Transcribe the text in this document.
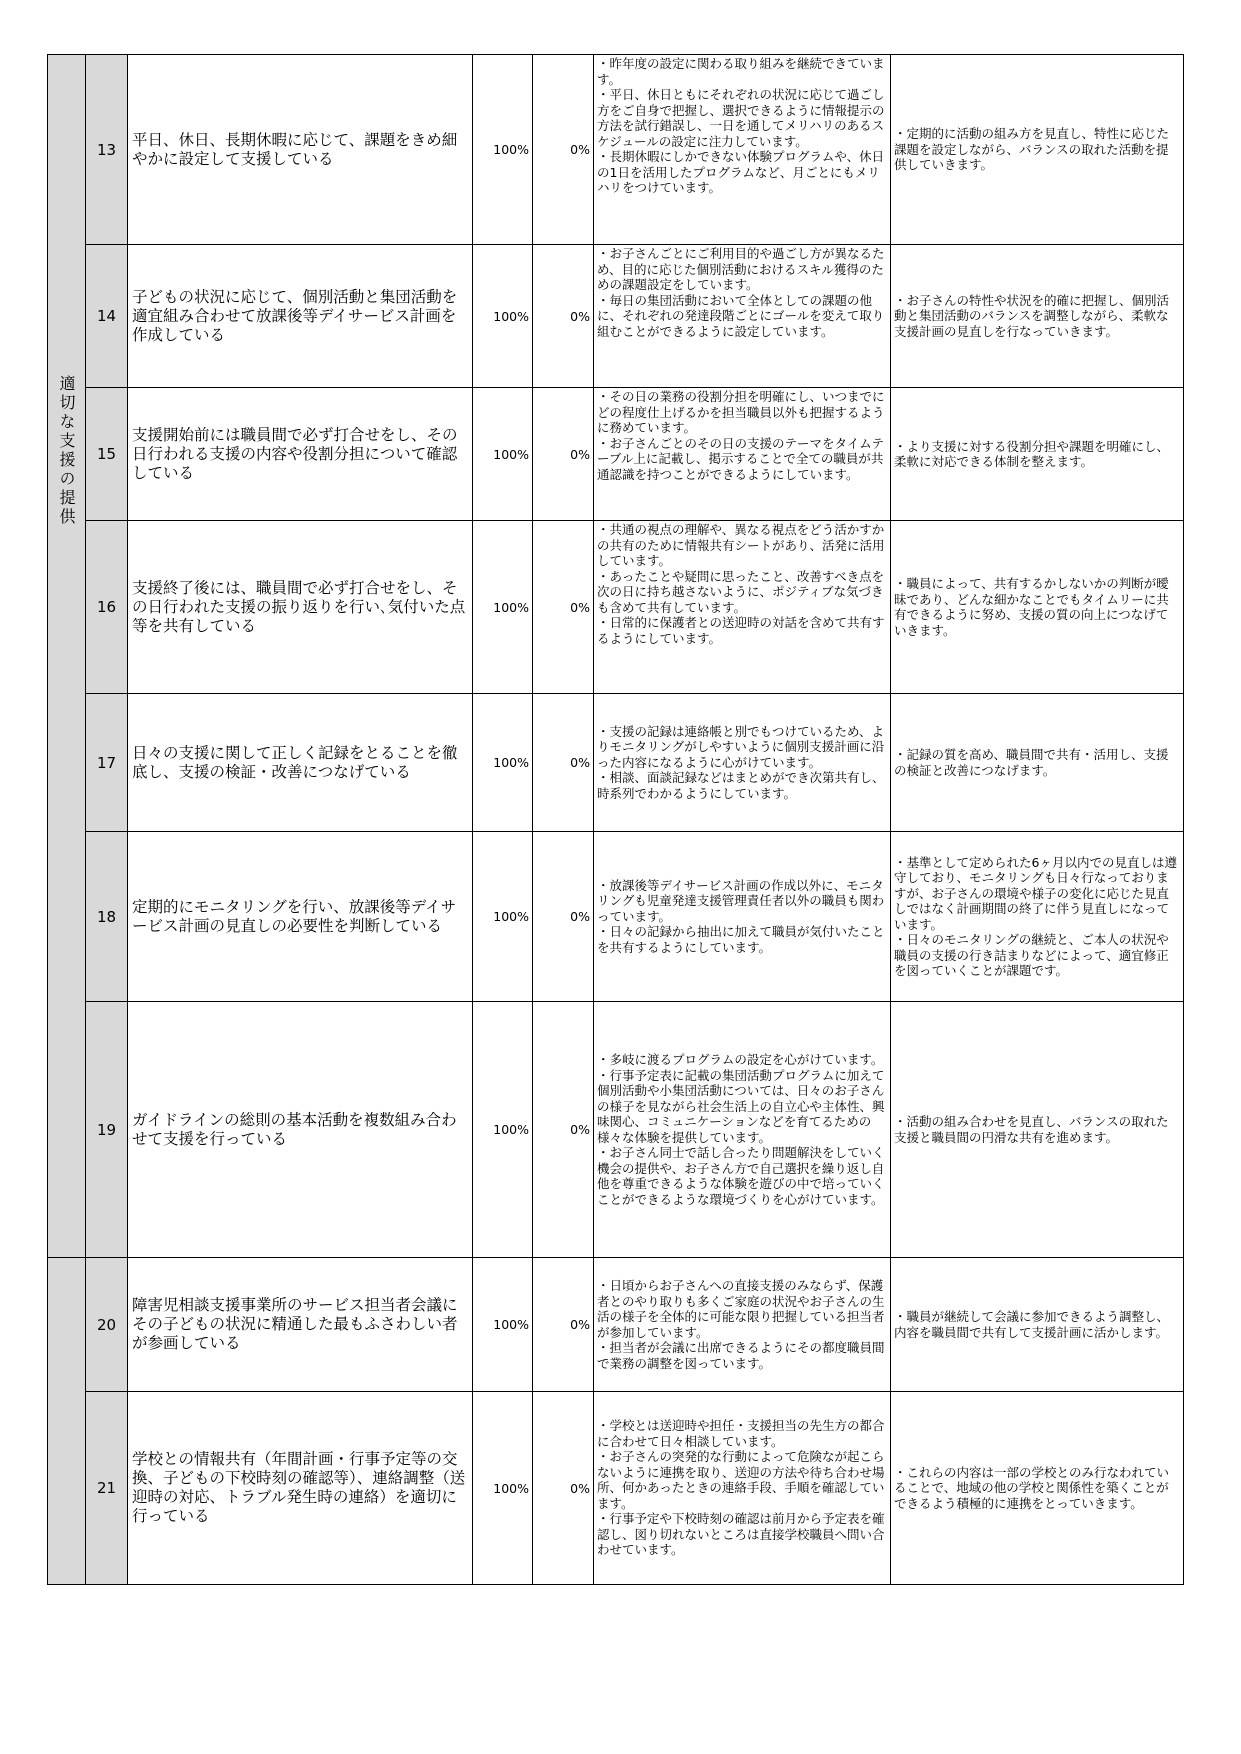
適切な支援の提供	13	平日、休日、長期休暇に応じて、課題をきめ細やかに設定して支援している	100%	0%	・昨年度の設定に関わる取り組みを継続できています。
・平日、休日ともにそれぞれの状況に応じて過ごし方をご自身で把握し、選択できるように情報提示の方法を試行錯誤し、一日を通してメリハリのあるスケジュールの設定に注力しています。
・長期休暇にしかできない体験プログラムや、休日の1日を活用したプログラムなど、月ごとにもメリハリをつけています。	・定期的に活動の組み方を見直し、特性に応じた課題を設定しながら、バランスの取れた活動を提供していきます。
	14	子どもの状況に応じて、個別活動と集団活動を適宜組み合わせて放課後等デイサービス計画を作成している	100%	0%	・お子さんごとにご利用目的や過ごし方が異なるため、目的に応じた個別活動におけるスキル獲得のための課題設定をしています。
・毎日の集団活動において全体としての課題の他に、それぞれの発達段階ごとにゴールを変えて取り組むことができるように設定しています。	・お子さんの特性や状況を的確に把握し、個別活動と集団活動のバランスを調整しながら、柔軟な支援計画の見直しを行なっていきます。
	15	支援開始前には職員間で必ず打合せをし、その日行われる支援の内容や役割分担について確認している	100%	0%	・その日の業務の役割分担を明確にし、いつまでにどの程度仕上げるかを担当職員以外も把握するように務めています。
・お子さんごとのその日の支援のテーマをタイムテーブル上に記載し、掲示することで全ての職員が共通認識を持つことができるようにしています。	・より支援に対する役割分担や課題を明確にし、柔軟に対応できる体制を整えます。
	16	支援終了後には、職員間で必ず打合せをし、その日行われた支援の振り返りを行い､気付いた点等を共有している	100%	0%	・共通の視点の理解や、異なる視点をどう活かすかの共有のために情報共有シートがあり、活発に活用しています。
・あったことや疑問に思ったこと、改善すべき点を次の日に持ち越さないように、ポジティブな気づきも含めて共有しています。
・日常的に保護者との送迎時の対話を含めて共有するようにしています。	・職員によって、共有するかしないかの判断が曖昧であり、どんな細かなことでもタイムリーに共有できるように努め、支援の質の向上につなげていきます。
	17	日々の支援に関して正しく記録をとることを徹底し、支援の検証・改善につなげている	100%	0%	・支援の記録は連絡帳と別でもつけているため、よりモニタリングがしやすいように個別支援計画に沿った内容になるように心がけています。
・相談、面談記録などはまとめができ次第共有し、時系列でわかるようにしています。	・記録の質を高め、職員間で共有・活用し、支援の検証と改善につなげます。
	18	定期的にモニタリングを行い、放課後等デイサービス計画の見直しの必要性を判断している	100%	0%	・放課後等デイサービス計画の作成以外に、モニタリングも児童発達支援管理責任者以外の職員も関わっています。
・日々の記録から抽出に加えて職員が気付いたことを共有するようにしています。	・基準として定められた6ヶ月以内での見直しは遵守しており、モニタリングも日々行なっておりますが、お子さんの環境や様子の変化に応じた見直しではなく計画期間の終了に伴う見直しになっています。
・日々のモニタリングの継続と、ご本人の状況や職員の支援の行き詰まりなどによって、適宜修正を図っていくことが課題です。

	19	ガイドラインの総則の基本活動を複数組み合わせて支援を行っている	100%	0%	・多岐に渡るプログラムの設定を心がけています。
・行事予定表に記載の集団活動プログラムに加えて個別活動や小集団活動については、日々のお子さんの様子を見ながら社会生活上の自立心や主体性、興味関心、コミュニケーションなどを育てるための様々な体験を提供しています。
・お子さん同士で話し合ったり問題解決をしていく機会の提供や、お子さん方で自己選択を繰り返し自他を尊重できるような体験を遊びの中で培っていくことができるような環境づくりを心がけています。	・活動の組み合わせを見直し、バランスの取れた支援と職員間の円滑な共有を進めます。
	20	障害児相談支援事業所のサービス担当者会議にその子どもの状況に精通した最もふさわしい者が参画している	100%	0%	・日頃からお子さんへの直接支援のみならず、保護者とのやり取りも多くご家庭の状況やお子さんの生活の様子を全体的に可能な限り把握している担当者が参加しています。
・担当者が会議に出席できるようにその都度職員間で業務の調整を図っています。	・職員が継続して会議に参加できるよう調整し、内容を職員間で共有して支援計画に活かします。
	21	学校との情報共有（年間計画・行事予定等の交換、子どもの下校時刻の確認等）、連絡調整（送迎時の対応、トラブル発生時の連絡）を適切に行っている	100%	0%	・学校とは送迎時や担任・支援担当の先生方の都合に合わせて日々相談しています。
・お子さんの突発的な行動によって危険なが起こらないように連携を取り、送迎の方法や待ち合わせ場所、何かあったときの連絡手段、手順を確認しています。
・行事予定や下校時刻の確認は前月から予定表を確認し、図り切れないところは直接学校職員へ問い合わせています。	・これらの内容は一部の学校とのみ行なわれていることで、地域の他の学校と関係性を築くことができるよう積極的に連携をとっていきます。
